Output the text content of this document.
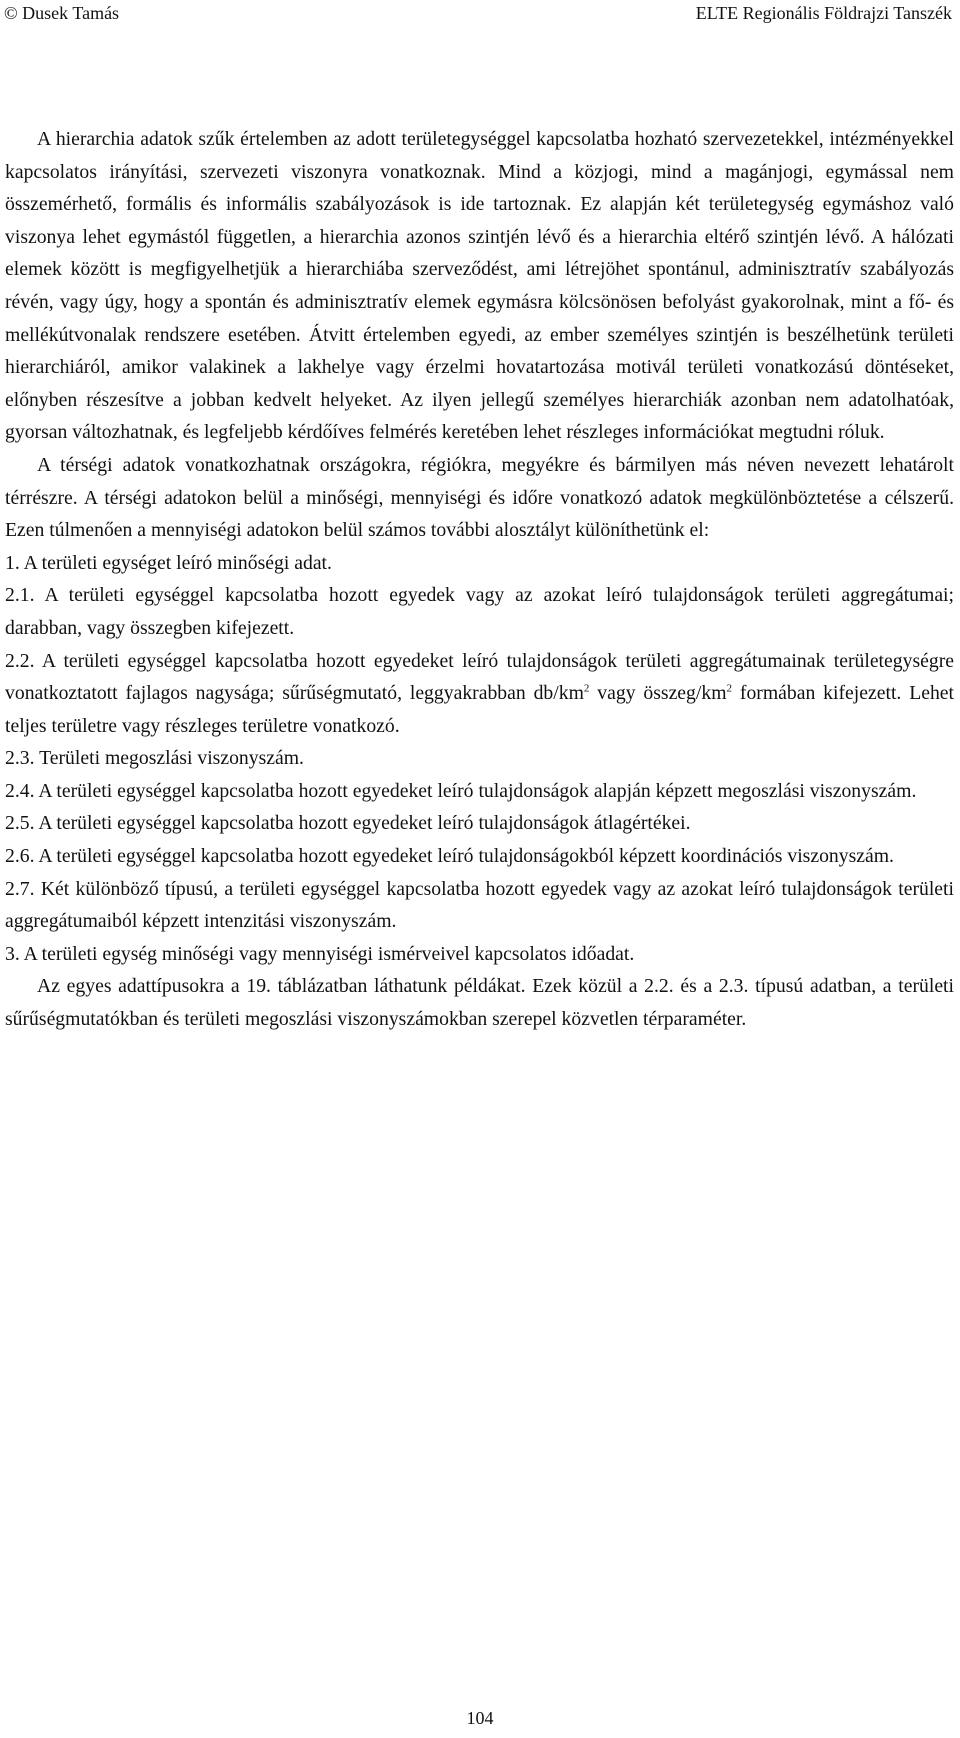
© Dusek Tamás	ELTE Regionális Földrajzi Tanszék

A hierarchia adatok szűk értelemben az adott területegységgel kapcsolatba hozható szervezetekkel, intézményekkel kapcsolatos irányítási, szervezeti viszonyra vonatkoznak. Mind a közjogi, mind a magánjogi, egymással nem összemérhető, formális és informális szabályozások is ide tartoznak. Ez alapján két területegység egymáshoz való viszonya lehet egymástól független, a hierarchia azonos szintjén lévő és a hierarchia eltérő szintjén lévő. A hálózati elemek között is megfigyelhetjük a hierarchiába szerveződést, ami létrejöhet spontánul, adminisztratív szabályozás révén, vagy úgy, hogy a spontán és adminisztratív elemek egymásra kölcsönösen befolyást gyakorolnak, mint a fő- és mellékútvonalak rendszere esetében. Átvitt értelemben egyedi, az ember személyes szintjén is beszélhetünk területi hierarchiáról, amikor valakinek a lakhelye vagy érzelmi hovatartozása motivál területi vonatkozású döntéseket, előnyben részesítve a jobban kedvelt helyeket. Az ilyen jellegű személyes hierarchiák azonban nem adatolhatóak, gyorsan változhatnak, és legfeljebb kérdőíves felmérés keretében lehet részleges információkat megtudni róluk.

A térségi adatok vonatkozhatnak országokra, régiókra, megyékre és bármilyen más néven nevezett lehatárolt térrészre. A térségi adatokon belül a minőségi, mennyiségi és időre vonatkozó adatok megkülönböztetése a célszerű. Ezen túlmenően a mennyiségi adatokon belül számos további alosztályt különíthetünk el:

1. A területi egységet leíró minőségi adat.

2.1. A területi egységgel kapcsolatba hozott egyedek vagy az azokat leíró tulajdonságok területi aggregátumai; darabban, vagy összegben kifejezett.

2.2. A területi egységgel kapcsolatba hozott egyedeket leíró tulajdonságok területi aggregátumainak területegységre vonatkoztatott fajlagos nagysága; sűrűségmutató, leggyakrabban $db/km^2$ vagy összeg/$km^2$ formában kifejezett. Lehet teljes területre vagy részleges területre vonatkozó.

2.3. Területi megoszlási viszonyszám.

2.4. A területi egységgel kapcsolatba hozott egyedeket leíró tulajdonságok alapján képzett megoszlási viszonyszám.

2.5. A területi egységgel kapcsolatba hozott egyedeket leíró tulajdonságok átlagértékei.

2.6. A területi egységgel kapcsolatba hozott egyedeket leíró tulajdonságokból képzett koordinációs viszonyszám.

2.7. Két különböző típusú, a területi egységgel kapcsolatba hozott egyedek vagy az azokat leíró tulajdonságok területi aggregátumaiból képzett intenzitási viszonyszám.

3. A területi egység minőségi vagy mennyiségi ismérveivel kapcsolatos időadat.

Az egyes adattípusokra a 19. táblázatban láthatunk példákat. Ezek közül a 2.2. és a 2.3. típusú adatban, a területi sűrűségmutatókban és területi megoszlási viszonyszámokban szerepel közvetlen térparaméter.

104
